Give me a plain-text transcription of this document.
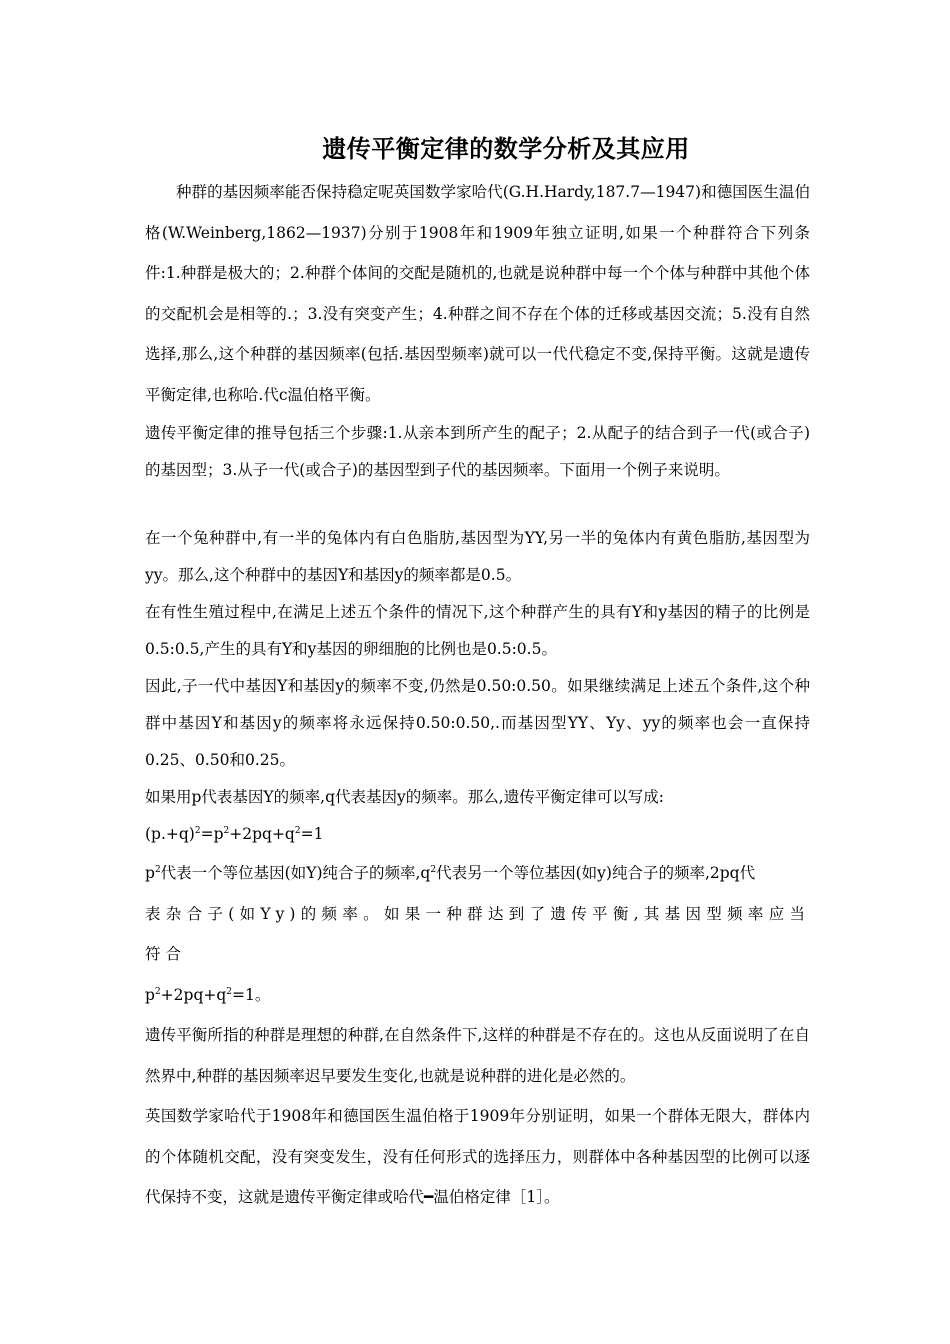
遗传平衡定律的数学分析及其应用

种群的基因频率能否保持稳定呢英国数学家哈代(G.H.Hardy,187.7—1947)和德国医生温伯格(W.Weinberg,1862—1937)分别于1908年和1909年独立证明,如果一个种群符合下列条件:1.种群是极大的；2.种群个体间的交配是随机的,也就是说种群中每一个个体与种群中其他个体的交配机会是相等的.；3.没有突变产生；4.种群之间不存在个体的迁移或基因交流；5.没有自然选择,那么,这个种群的基因频率(包括.基因型频率)就可以一代代稳定不变,保持平衡。这就是遗传平衡定律,也称哈.代c温伯格平衡。

遗传平衡定律的推导包括三个步骤:1.从亲本到所产生的配子；2.从配子的结合到子一代(或合子)的基因型；3.从子一代(或合子)的基因型到子代的基因频率。下面用一个例子来说明。

在一个兔种群中,有一半的兔体内有白色脂肪,基因型为YY,另一半的兔体内有黄色脂肪,基因型为yy。那么,这个种群中的基因Y和基因y的频率都是0.5。

在有性生殖过程中,在满足上述五个条件的情况下,这个种群产生的具有Y和y基因的精子的比例是0.5:0.5,产生的具有Y和y基因的卵细胞的比例也是0.5:0.5。

因此,子一代中基因Y和基因y的频率不变,仍然是0.50:0.50。如果继续满足上述五个条件,这个种群中基因Y和基因y的频率将永远保持0.50:0.50,.而基因型YY、Yy、yy的频率也会一直保持0.25、0.50和0.25。

如果用p代表基因Y的频率,q代表基因y的频率。那么,遗传平衡定律可以写成:

$(p.+q)^2=p^2+2pq+q^2=1$

$p^2$代表一个等位基因(如Y)纯合子的频率$,q^2$代表另一个等位基因(如y)纯合子的频率,2pq代
表杂合子(如Yy)的频率。如果一种群达到了遗传平衡,其基因型频率应当符合
$p^2+2pq+q^2=1$。

遗传平衡所指的种群是理想的种群,在自然条件下,这样的种群是不存在的。这也从反面说明了在自然界中,种群的基因频率迟早要发生变化,也就是说种群的进化是必然的。

英国数学家哈代于1908年和德国医生温伯格于1909年分别证明，如果一个群体无限大，群体内的个体随机交配，没有突变发生，没有任何形式的选择压力，则群体中各种基因型的比例可以逐代保持不变，这就是遗传平衡定律或哈代━温伯格定律［1］。
